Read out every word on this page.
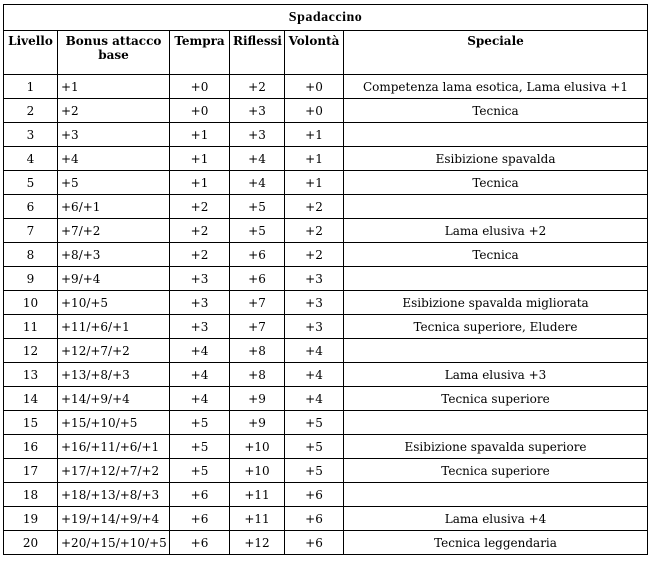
Spadaccino					
Livello	Bonus attacco base	Tempra	Riflessi	Volontà	Speciale
1	+1	+0	+2	+0	Competenza lama esotica, Lama elusiva +1
2	+2	+0	+3	+0	Tecnica
3	+3	+1	+3	+1	
4	+4	+1	+4	+1	Esibizione spavalda
5	+5	+1	+4	+1	Tecnica
6	+6/+1	+2	+5	+2	
7	+7/+2	+2	+5	+2	Lama elusiva +2
8	+8/+3	+2	+6	+2	Tecnica
9	+9/+4	+3	+6	+3	
10	+10/+5	+3	+7	+3	Esibizione spavalda migliorata
11	+11/+6/+1	+3	+7	+3	Tecnica superiore, Eludere
12	+12/+7/+2	+4	+8	+4	
13	+13/+8/+3	+4	+8	+4	Lama elusiva +3
14	+14/+9/+4	+4	+9	+4	Tecnica superiore
15	+15/+10/+5	+5	+9	+5	
16	+16/+11/+6/+1	+5	+10	+5	Esibizione spavalda superiore
17	+17/+12/+7/+2	+5	+10	+5	Tecnica superiore
18	+18/+13/+8/+3	+6	+11	+6	
19	+19/+14/+9/+4	+6	+11	+6	Lama elusiva +4
20	+20/+15/+10/+5	+6	+12	+6	Tecnica leggendaria
